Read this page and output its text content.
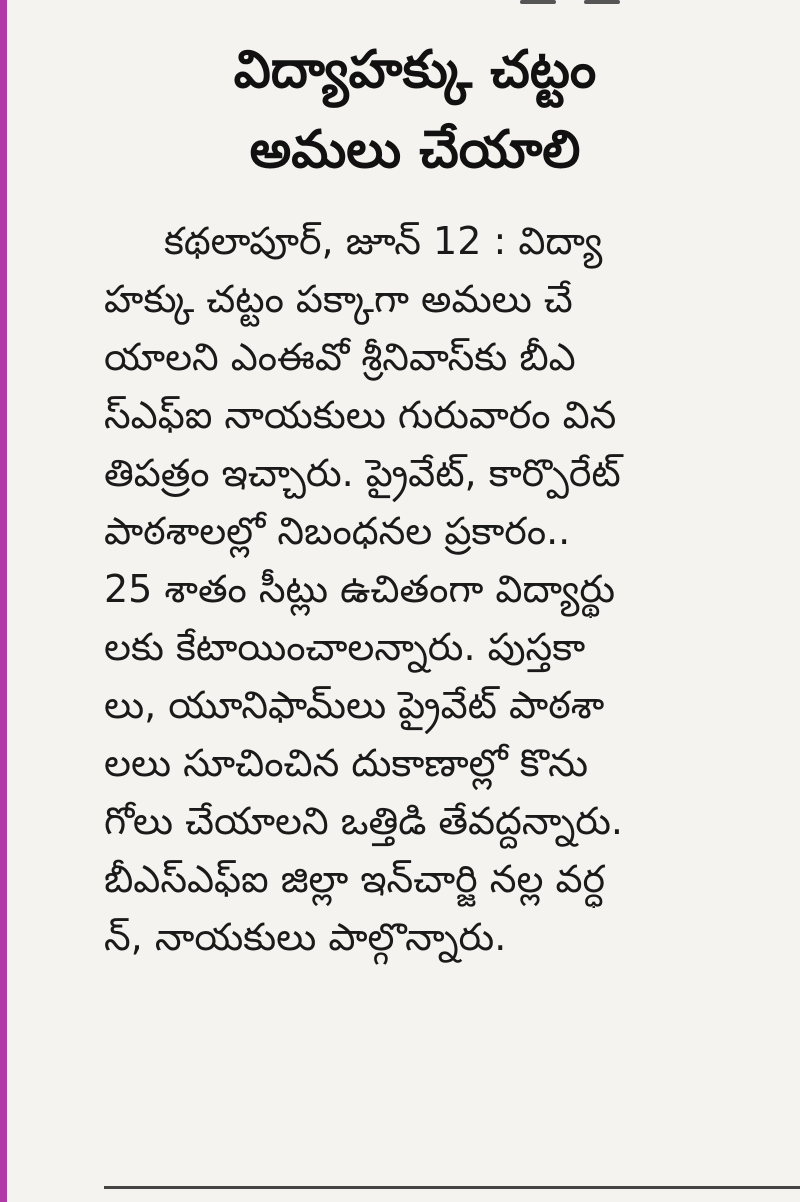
విద్యాహక్కు చట్టం
అమలు చేయాలి
కథలాపూర్, జూన్ 12 : విద్యా
హక్కు చట్టం పక్కాగా అమలు చే
యాలని ఎంఈవో శ్రీనివాస్‌కు బీఎ
స్‌ఎఫ్‌ఐ నాయకులు గురువారం విన
తిపత్రం ఇచ్చారు. ప్రైవేట్, కార్పొరేట్
పాఠశాలల్లో నిబంధనల ప్రకారం..
25 శాతం సీట్లు ఉచితంగా విద్యార్థు
లకు కేటాయించాలన్నారు. పుస్తకా
లు, యూనిఫామ్‌లు ప్రైవేట్ పాఠశా
లలు సూచించిన దుకాణాల్లో కొను
గోలు చేయాలని ఒత్తిడి తేవద్దన్నారు.
బీఎస్‌ఎఫ్‌ఐ జిల్లా ఇన్‌చార్జి నల్ల వర్ధ
న్, నాయకులు పాల్గొన్నారు.
